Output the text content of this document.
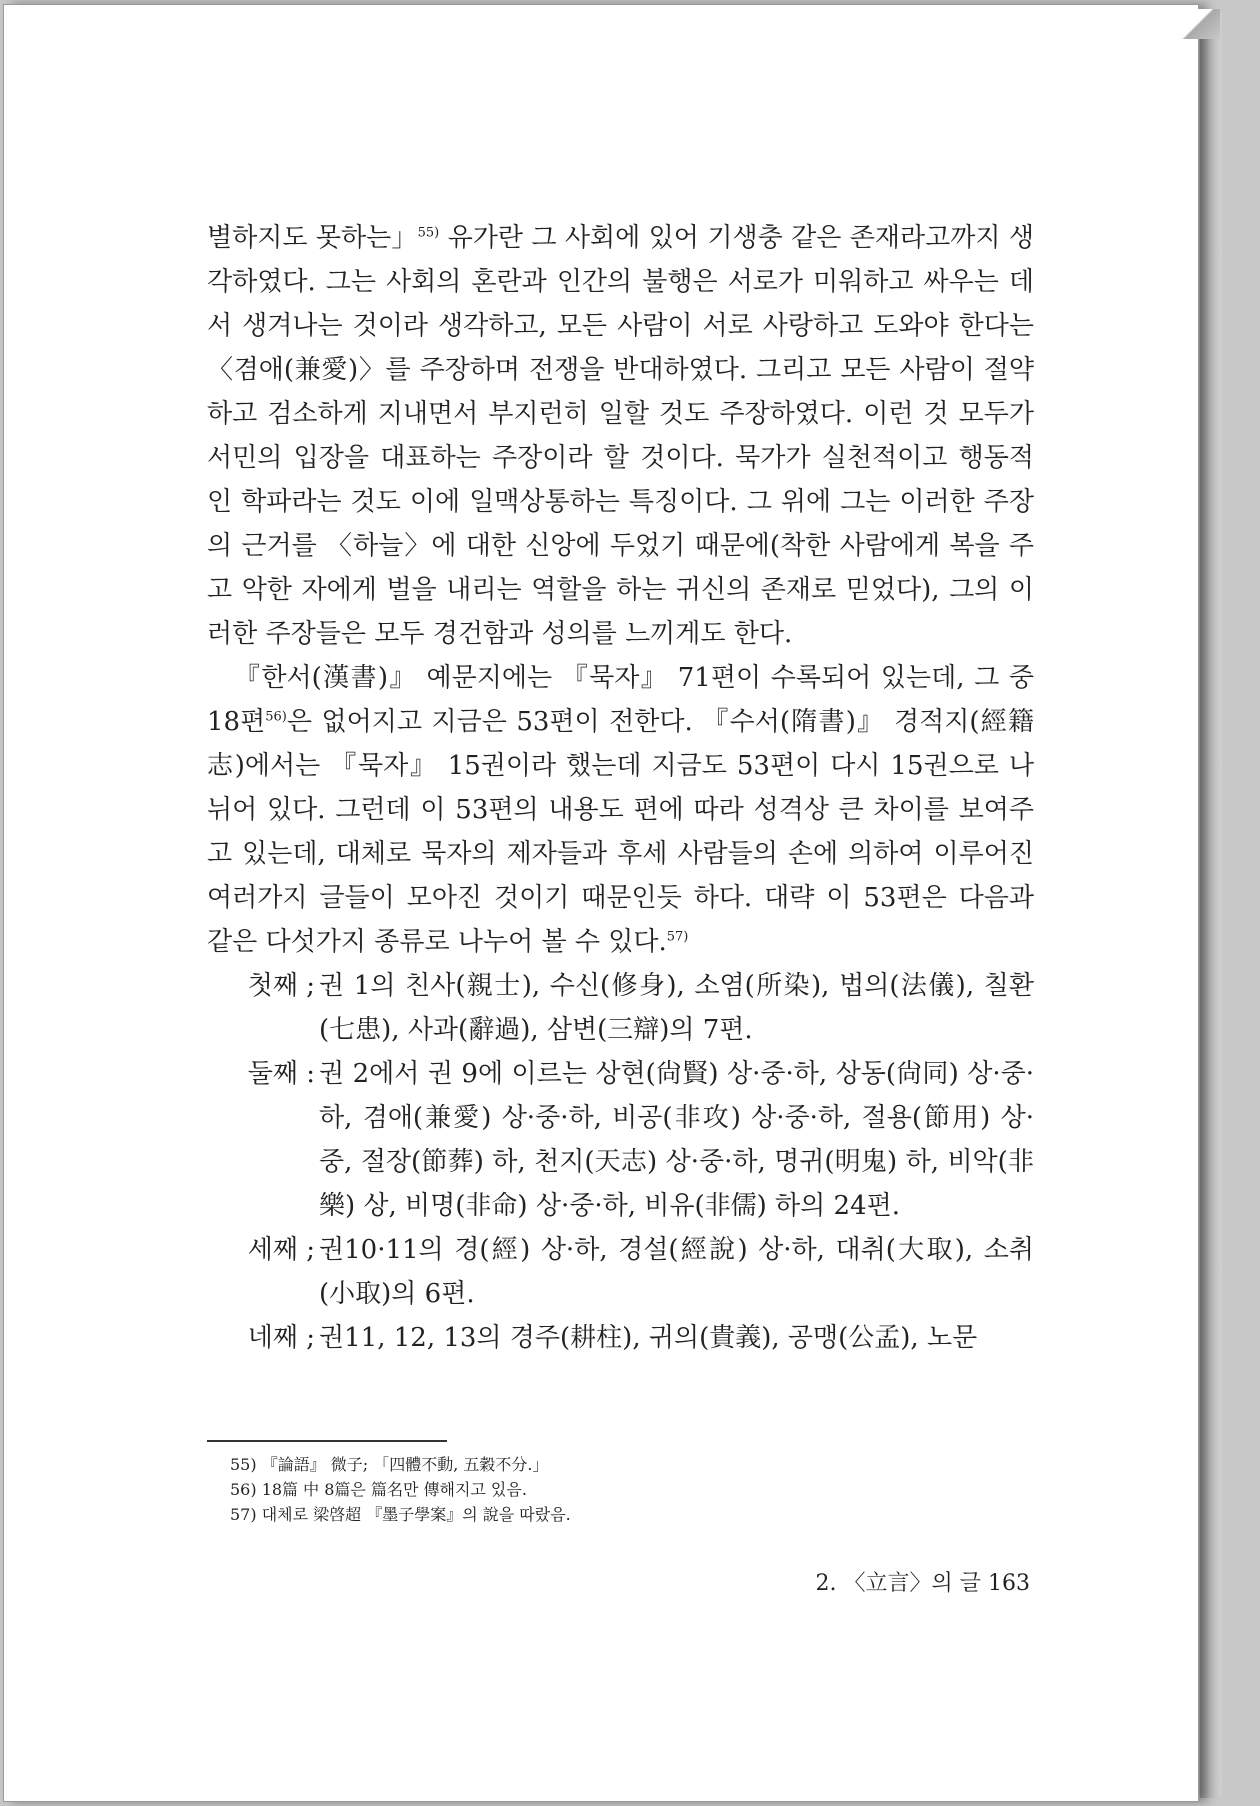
별하지도 못하는」$^{55)}$ 유가란 그 사회에 있어 기생충 같은 존재라고까지 생각하였다. 그는 사회의 혼란과 인간의 불행은 서로가 미워하고 싸우는 데서 생겨나는 것이라 생각하고, 모든 사람이 서로 사랑하고 도와야 한다는 〈겸애(兼愛)〉를 주장하며 전쟁을 반대하였다. 그리고 모든 사람이 절약하고 검소하게 지내면서 부지런히 일할 것도 주장하였다. 이런 것 모두가 서민의 입장을 대표하는 주장이라 할 것이다. 묵가가 실천적이고 행동적인 학파라는 것도 이에 일맥상통하는 특징이다. 그 위에 그는 이러한 주장의 근거를 〈하늘〉에 대한 신앙에 두었기 때문에(착한 사람에게 복을 주고 악한 자에게 벌을 내리는 역할을 하는 귀신의 존재로 믿었다), 그의 이러한 주장들은 모두 경건함과 성의를 느끼게도 한다.

『한서(漢書)』 예문지에는 『묵자』 71편이 수록되어 있는데, 그 중 18편$^{56)}$은 없어지고 지금은 53편이 전한다. 『수서(隋書)』 경적지(經籍志)에서는 『묵자』 15권이라 했는데 지금도 53편이 다시 15권으로 나뉘어 있다. 그런데 이 53편의 내용도 편에 따라 성격상 큰 차이를 보여주고 있는데, 대체로 묵자의 제자들과 후세 사람들의 손에 의하여 이루어진 여러가지 글들이 모아진 것이기 때문인듯 하다. 대략 이 53편은 다음과 같은 다섯가지 종류로 나누어 볼 수 있다.$^{57)}$

첫째 ; 권 1의 친사(親士), 수신(修身), 소염(所染), 법의(法儀), 칠환(七患), 사과(辭過), 삼변(三辯)의 7편.
둘째 : 권 2에서 권 9에 이르는 상현(尙賢) 상·중·하, 상동(尙同) 상·중·하, 겸애(兼愛) 상·중·하, 비공(非攻) 상·중·하, 절용(節用) 상·중, 절장(節葬) 하, 천지(天志) 상·중·하, 명귀(明鬼) 하, 비악(非樂) 상, 비명(非命) 상·중·하, 비유(非儒) 하의 24편.
세째 ; 권10·11의 경(經) 상·하, 경설(經說) 상·하, 대취(大取), 소취(小取)의 6편.
네째 ; 권11, 12, 13의 경주(耕柱), 귀의(貴義), 공맹(公孟), 노문
55) 『論語』 微子; 「四體不動, 五穀不分.」
56) 18篇 中 8篇은 篇名만 傳해지고 있음.
57) 대체로 梁啓超 『墨子學案』의 說을 따랐음.
2. 〈立言〉의 글 163
